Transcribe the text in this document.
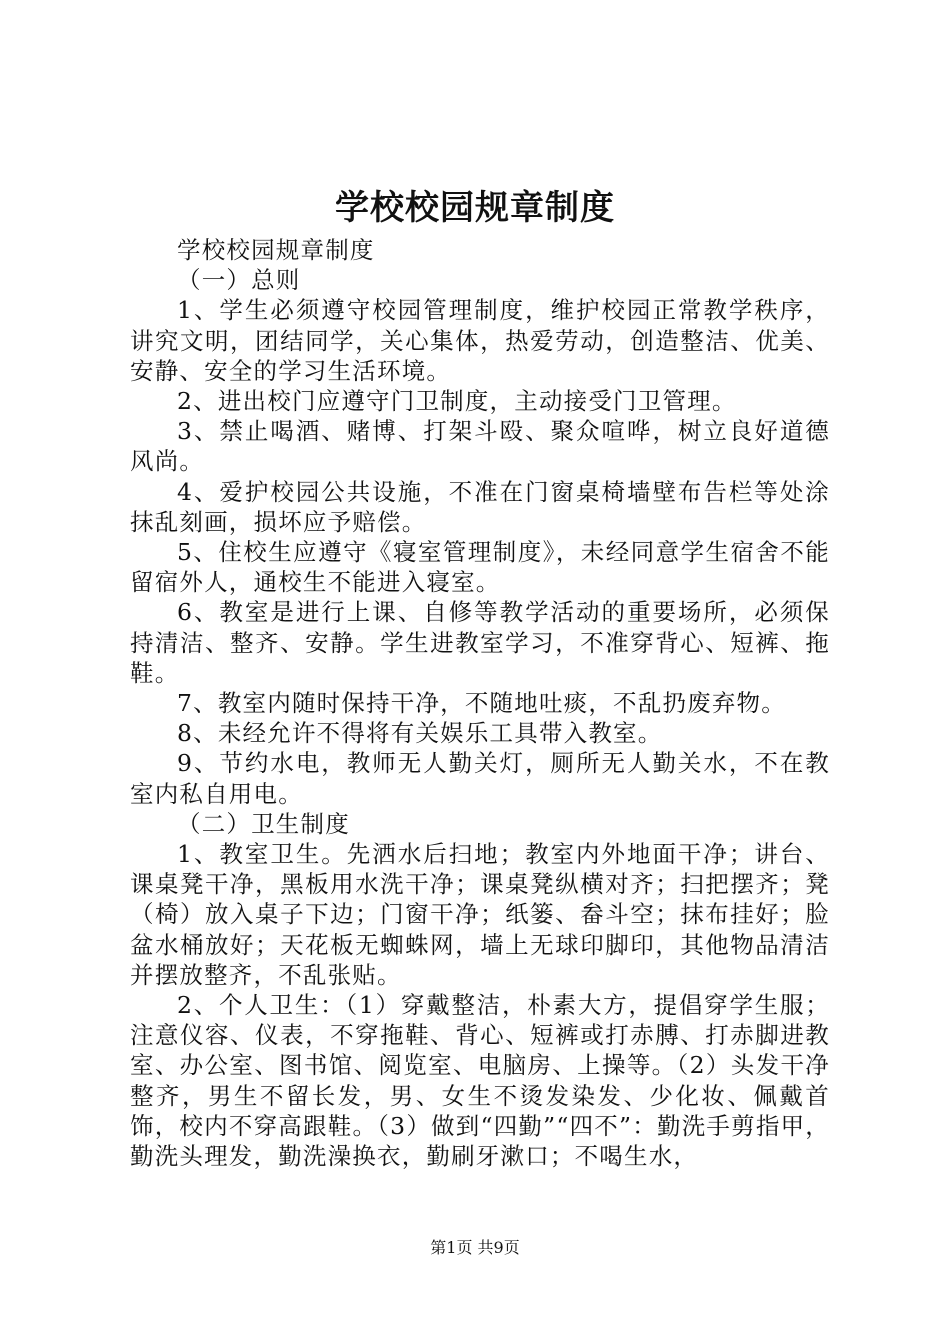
学校校园规章制度

学校校园规章制度

（一）总则

1、学生必须遵守校园管理制度，维护校园正常教学秩序，讲究文明，团结同学，关心集体，热爱劳动，创造整洁、优美、安静、安全的学习生活环境。

2、进出校门应遵守门卫制度，主动接受门卫管理。

3、禁止喝酒、赌博、打架斗殴、聚众喧哗，树立良好道德风尚。

4、爱护校园公共设施，不准在门窗桌椅墙壁布告栏等处涂抹乱刻画，损坏应予赔偿。

5、住校生应遵守《寝室管理制度》，未经同意学生宿舍不能留宿外人，通校生不能进入寝室。

6、教室是进行上课、自修等教学活动的重要场所，必须保持清洁、整齐、安静。学生进教室学习，不准穿背心、短裤、拖鞋。

7、教室内随时保持干净，不随地吐痰，不乱扔废弃物。

8、未经允许不得将有关娱乐工具带入教室。

9、节约水电，教师无人勤关灯，厕所无人勤关水，不在教室内私自用电。

（二）卫生制度

1、教室卫生。先洒水后扫地；教室内外地面干净；讲台、课桌凳干净，黑板用水洗干净；课桌凳纵横对齐；扫把摆齐；凳（椅）放入桌子下边；门窗干净；纸篓、畚斗空；抹布挂好；脸盆水桶放好；天花板无蜘蛛网，墙上无球印脚印，其他物品清洁并摆放整齐，不乱张贴。

2、个人卫生：（1）穿戴整洁，朴素大方，提倡穿学生服；注意仪容、仪表，不穿拖鞋、背心、短裤或打赤膊、打赤脚进教室、办公室、图书馆、阅览室、电脑房、上操等。（2）头发干净整齐，男生不留长发，男、女生不烫发染发、少化妆、佩戴首饰，校内不穿高跟鞋。（3）做到“四勤”“四不”：勤洗手剪指甲，勤洗头理发，勤洗澡换衣，勤刷牙漱口；不喝生水，

第1页 共9页
